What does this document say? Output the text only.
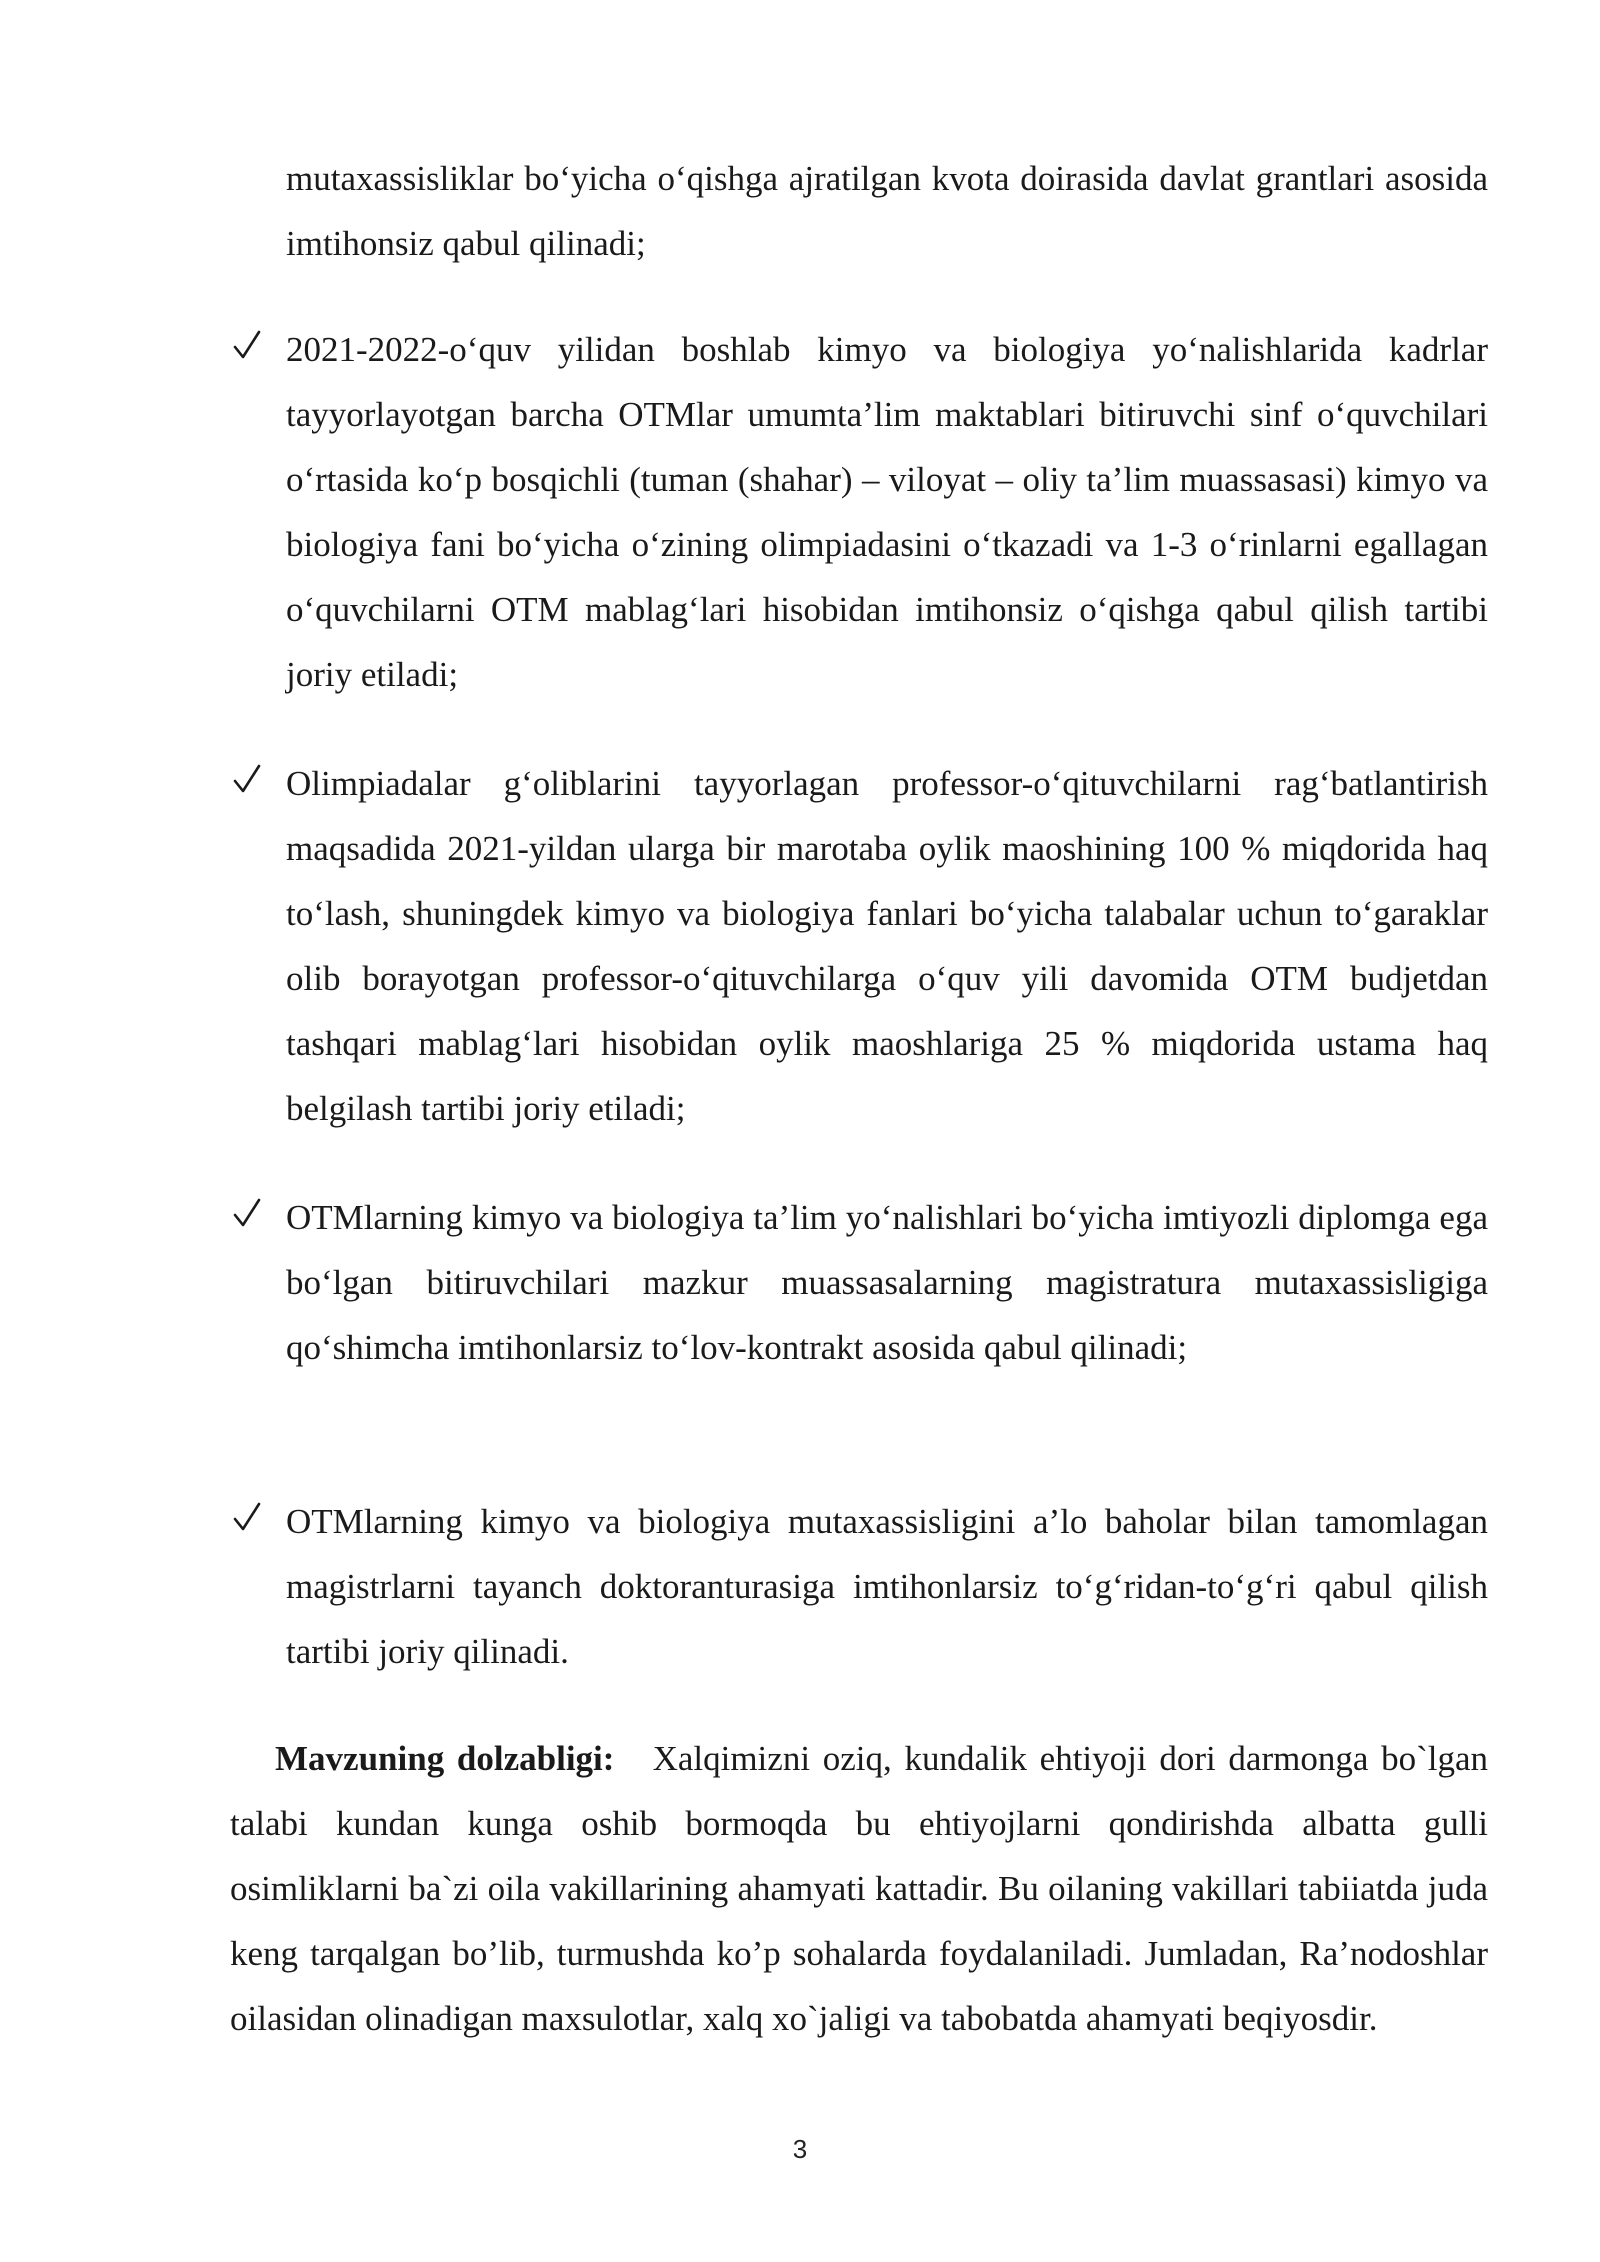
mutaxassisliklar bo‘yicha o‘qishga ajratilgan kvota doirasida davlat grantlari asosida imtihonsiz qabul qilinadi;

2021-2022-o‘quv yilidan boshlab kimyo va biologiya yo‘nalishlarida kadrlar tayyorlayotgan barcha OTMlar umumta’lim maktablari bitiruvchi sinf o‘quvchilari o‘rtasida ko‘p bosqichli (tuman (shahar) – viloyat – oliy ta’lim muassasasi) kimyo va biologiya fani bo‘yicha o‘zining olimpiadasini o‘tkazadi va 1-3 o‘rinlarni egallagan o‘quvchilarni OTM mablag‘lari hisobidan imtihonsiz o‘qishga qabul qilish tartibi joriy etiladi;

Olimpiadalar g‘oliblarini tayyorlagan professor-o‘qituvchilarni rag‘batlantirish maqsadida 2021-yildan ularga bir marotaba oylik maoshining 100 % miqdorida haq to‘lash, shuningdek kimyo va biologiya fanlari bo‘yicha talabalar uchun to‘garaklar olib borayotgan professor-o‘qituvchilarga o‘quv yili davomida OTM budjetdan tashqari mablag‘lari hisobidan oylik maoshlariga 25 % miqdorida ustama haq belgilash tartibi joriy etiladi;

OTMlarning kimyo va biologiya ta’lim yo‘nalishlari bo‘yicha imtiyozli diplomga ega bo‘lgan bitiruvchilari mazkur muassasalarning magistratura mutaxassisligiga qo‘shimcha imtihonlarsiz to‘lov-kontrakt asosida qabul qilinadi;

OTMlarning kimyo va biologiya mutaxassisligini a’lo baholar bilan tamomlagan magistrlarni tayanch doktoranturasiga imtihonlarsiz to‘g‘ridan-to‘g‘ri qabul qilish tartibi joriy qilinadi.

Mavzuning dolzabligi: Xalqimizni oziq, kundalik ehtiyoji dori darmonga bo`lgan talabi kundan kunga oshib bormoqda bu ehtiyojlarni qondirishda albatta gulli osimliklarni ba`zi oila vakillarining ahamyati kattadir. Bu oilaning vakillari tabiiatda juda keng tarqalgan bo’lib, turmushda ko’p sohalarda foydalaniladi. Jumladan, Ra’nodoshlar oilasidan olinadigan maxsulotlar, xalq xo`jaligi va tabobatda ahamyati beqiyosdir.

3
